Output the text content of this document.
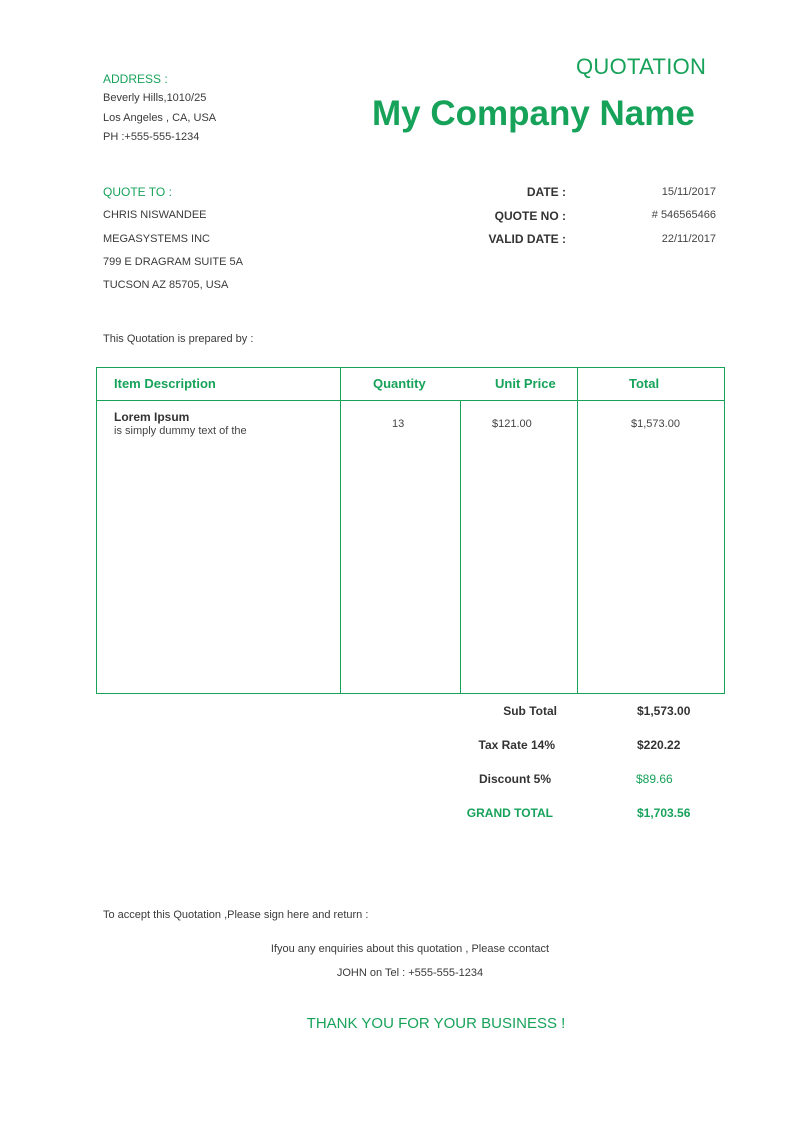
QUOTATION
My Company Name
ADDRESS :
Beverly Hills,1010/25
Los Angeles , CA, USA
PH :+555-555-1234
QUOTE TO :
CHRIS NISWANDEE
MEGASYSTEMS INC
799 E DRAGRAM SUITE 5A
TUCSON AZ 85705, USA
DATE :	15/11/2017
QUOTE NO :	# 546565466
VALID DATE :	22/11/2017
This Quotation is prepared by :
Item Description	Quantity	Unit Price	Total
Lorem Ipsum
is simply dummy text of the
13	$121.00	$1,573.00
Sub Total	$1,573.00
Tax Rate 14%	$220.22
Discount 5%	$89.66
GRAND TOTAL	$1,703.56
To accept this Quotation ,Please sign here and return :
Ifyou any enquiries about this quotation , Please ccontact
JOHN on Tel : +555-555-1234
THANK YOU FOR YOUR BUSINESS !
